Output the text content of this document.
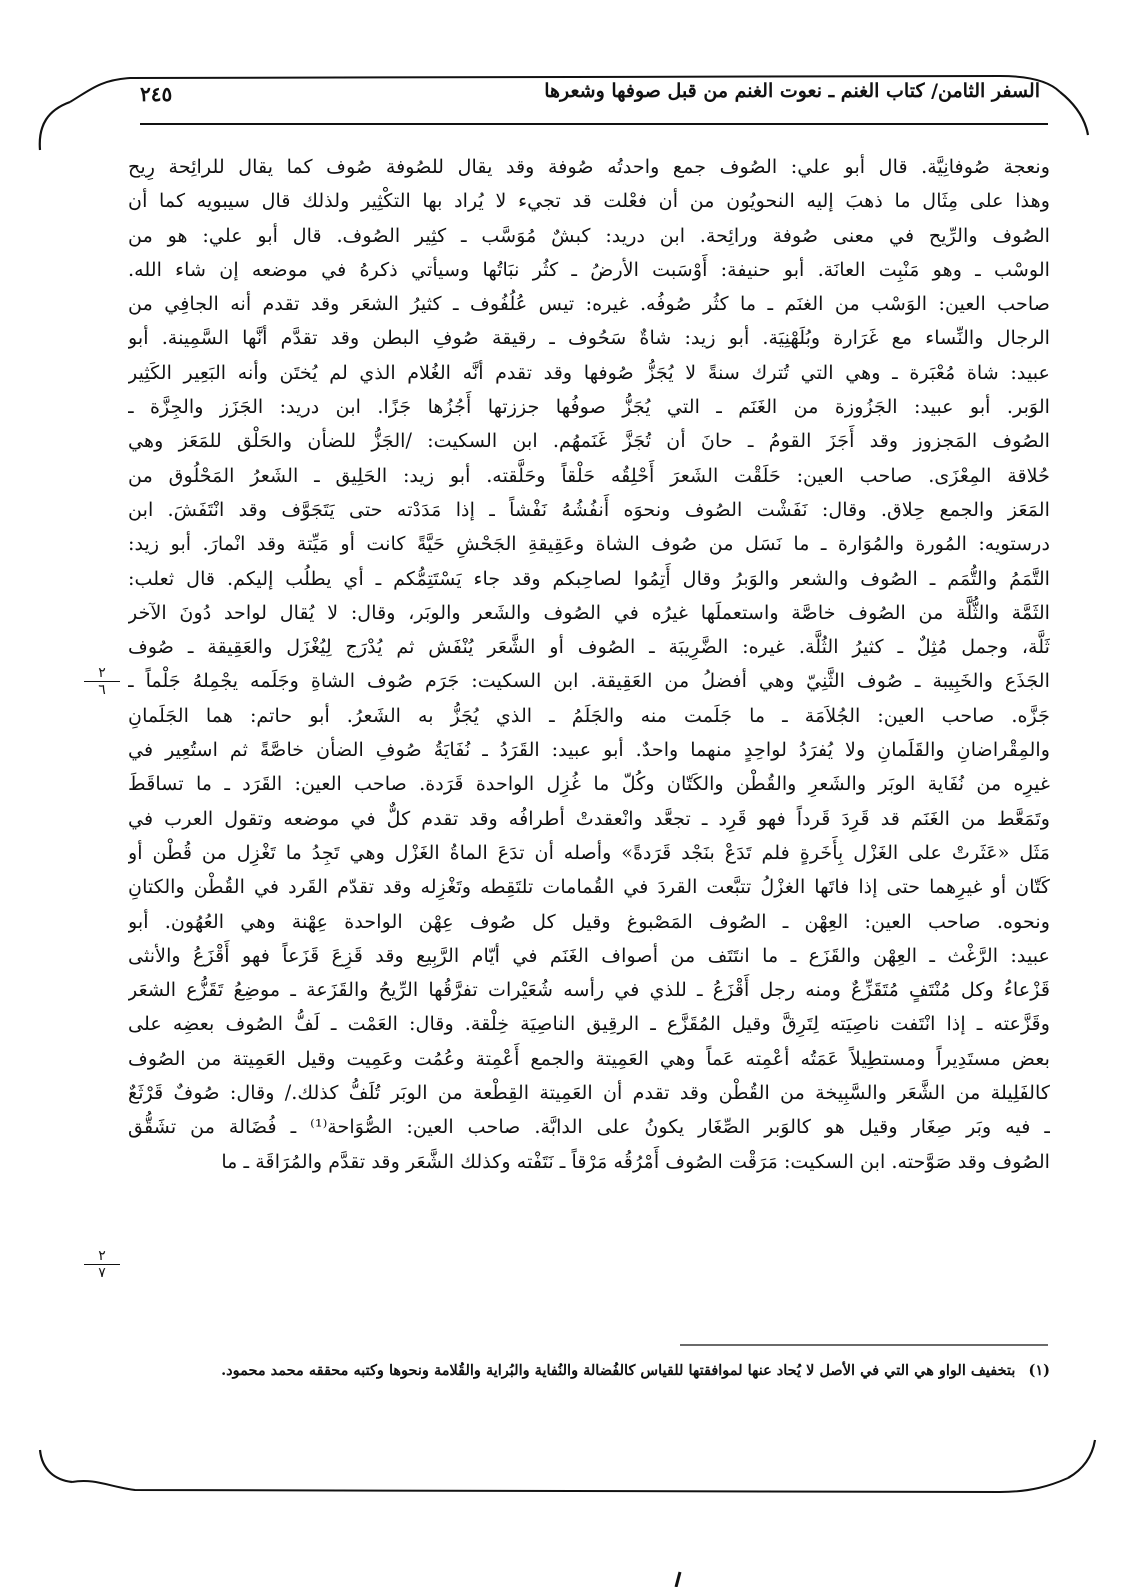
السفر الثامن/ كتاب الغنم ـ نعوت الغنم من قبل صوفها وشعرها
٢٤٥
ونعجة صُوفانِيَّة. قال أبو علي: الصُوف جمع واحدتُه صُوفة وقد يقال للصُوفة صُوف كما يقال للرائِحة رِيح
وهذا على مِثَال ما ذهبَ إليه النحويُون من أن فعْلت قد تجيء لا يُراد بها التكْثِير ولذلك قال سيبويه كما أن
الصُوف والرِّيح في معنى صُوفة ورائِحة. ابن دريد: كبشٌ مُوَسَّب ـ كثِير الصُوف. قال أبو علي: هو من
الوسْب ـ وهو مَنْبِت العانَة. أبو حنيفة: أَوْسَبت الأرضُ ـ كثُر نبَاتُها وسيأتي ذكرهُ في موضعه إن شاء الله.
صاحب العين: الوَسْب من الغنَم ـ ما كثُر صُوفُه. غيره: تيس عُلُفُوف ـ كثيرُ الشعَر وقد تقدم أنه الجافِي من
الرجال والنِّساء مع غَرَارة وبُلَهْنِيَة. أبو زيد: شاةٌ سَحُوف ـ رقيقة صُوفِ البطن وقد تقدَّم أنَّها السَّمِينة. أبو
عبيد: شاة مُعْبَرة ـ وهي التي تُترك سنةً لا يُجَزُّ صُوفها وقد تقدم أنَّه الغُلام الذي لم يُختَن وأنه البَعِير الكَثِير
الوَبر. أبو عبيد: الجَزُوزة من الغَنَم ـ التي يُجَزُّ صوفُها جززتها أَجُزُها جَزًا. ابن دريد: الجَزَز والجِزَّة ـ
الصُوف المَجزوز وقد أَجَزَ القومُ ـ حانَ أن تُجَزَّ غَنَمهُم. ابن السكيت: /الجَزُّ للضأن والحَلْق للمَعَز وهي
حُلاقة المِعْزَى. صاحب العين: حَلَقْت الشَعرَ أَحْلِقُه حَلْقاً وحَلَّقته. أبو زيد: الحَلِيق ـ الشَعرُ المَحْلُوق من
المَعَز والجمع حِلاق. وقال: نَفَشْت الصُوف ونحوَه أَنفُشُهُ نَفْشاً ـ إذا مَدَدْته حتى يَتَجَوَّف وقد انْتَفَشَ. ابن
درستويه: المُورة والمُوَارة ـ ما نَسَل من صُوف الشاة وعَقِيقةِ الجَحْشِ حَيَّةً كانت أو مَيِّتة وقد انْمارَ. أبو زيد:
التَّمَمُ والتُّمَم ـ الصُوف والشعر والوَبرُ وقال أَتِمُوا لصاحِبكم وقد جاء يَسْتَتِمُّكم ـ أي يطلُب إليكم. قال ثعلب:
الثَمَّة والثُّلَّة من الصُوف خاصَّة واستعملَها غيرُه في الصُوف والشَعر والوبَر، وقال: لا يُقال لواحد دُونَ الآخر
ثَلَّة، وجمل مُثِلٌ ـ كثيرُ الثُلَّة. غيره: الضَّرِيبَة ـ الصُوف أو الشَّعَر يُنْفَش ثم يُدْرَج لِيُغْزَل والعَقِيقة ـ صُوف
الجَذَع والخَبِيبة ـ صُوف الثَّنِيّ وهي أفضلُ من العَقِيقة. ابن السكيت: جَرَم صُوف الشاةِ وجَلَمه يجْمِلهُ جَلْماً ـ
جَزَّه. صاحب العين: الجُلاَمَة ـ ما جَلَمت منه والجَلَمُ ـ الذي يُجَزُّ به الشَعرُ. أبو حاتم: هما الجَلَمانِ
والمِقْراضانِ والقَلَمانِ ولا يُفرَدُ لواحِدٍ منهما واحدٌ. أبو عبيد: القَرَدُ ـ نُفَايَةُ صُوفِ الضأن خاصَّةً ثم استُعِير في
غيرِه من نُفَاية الوبَر والشَعرِ والقُطْن والكَتّان وكُلّ ما غُزِل الواحدة قَرَدة. صاحب العين: القَرَد ـ ما تساقَطَ
وتَمَعَّط من الغَنَم قد قَرِدَ قَرداً فهو قَرِد ـ تجعَّد وانْعقدتْ أطرافُه وقد تقدم كلٌّ في موضعه وتقول العرب في
مَثَل «عَثَرتْ على الغَزْل بِأَخَرةٍ فلم تَدَعْ بنَجْد قَرَدةً» وأصله أن تدَعَ الماةُ الغَزْل وهي تَجِدُ ما تَغْزِل من قُطْن أو
كَتّان أو غيرِهما حتى إذا فاتَها الغزْلُ تتبَّعت القردَ في القُمامات تلتَقِطه وتَغْزِله وقد تقدّم القَرد في القُطْن والكتانِ
ونحوه. صاحب العين: العِهْن ـ الصُوف المَصْبوغ وقيل كل صُوف عِهْن الواحدة عِهْنة وهي العُهُون. أبو
عبيد: الرَّغْث ـ العِهْن والقَزَع ـ ما انتَتَف من أصواف الغَنَم في أيّام الرَّبِيع وقد قَزِعَ قَزَعاً فهو أَقْزَعُ والأنثى
قَزْعاءُ وكل مُنْتَفٍ مُتَقَزِّعٌ ومنه رجل أَقْزَعُ ـ للذي في رأسه شُعَيْرات تفرَّقُها الرِّيحُ والقَزَعة ـ موضِعُ تَقَزُّع الشعَر
وقَزَّعته ـ إذا انْتَفت ناصِيَته لِتَرِقَّ وقيل المُقَزَّع ـ الرقِيق الناصِيَة خِلْقة. وقال: العَمْت ـ لَفُّ الصُوف بعضِه على
بعض مستَدِيراً ومستطِيلاً عَمَتُه أعْمِته عَماً وهي العَمِيتة والجمع أَعْمِتة وعُمُت وعَمِيت وقيل العَمِيتة من الصُوف
كالفَلِيلة من الشَّعَر والسَّبِيخة من القُطْن وقد تقدم أن العَمِيتة القِطْعة من الوبَر تُلَفُّ كذلك./ وقال: صُوفٌ قَرْثَعٌ
ـ فيه وبَر صِغَار وقيل هو كالوَبر الصِّغَار يكونُ على الدابَّة. صاحب العين: الصُّوَاحة⁽¹⁾ ـ فُضَالة من تشَقُّق
الصُوف وقد صَوَّحته. ابن السكيت: مَرَقْت الصُوف أَمْرُقُه مَرْقاً ـ نَتَفْته وكذلك الشَّعَر وقد تقدَّم والمُرَاقَة ـ ما
٢
٦
٢
٧
(١) بتخفيف الواو هي التي في الأصل لا يُحاد عنها لموافقتها للقياس كالفُضالة والنُفاية والبُراية والقُلامة ونحوها وكتبه محققه محمد محمود.
